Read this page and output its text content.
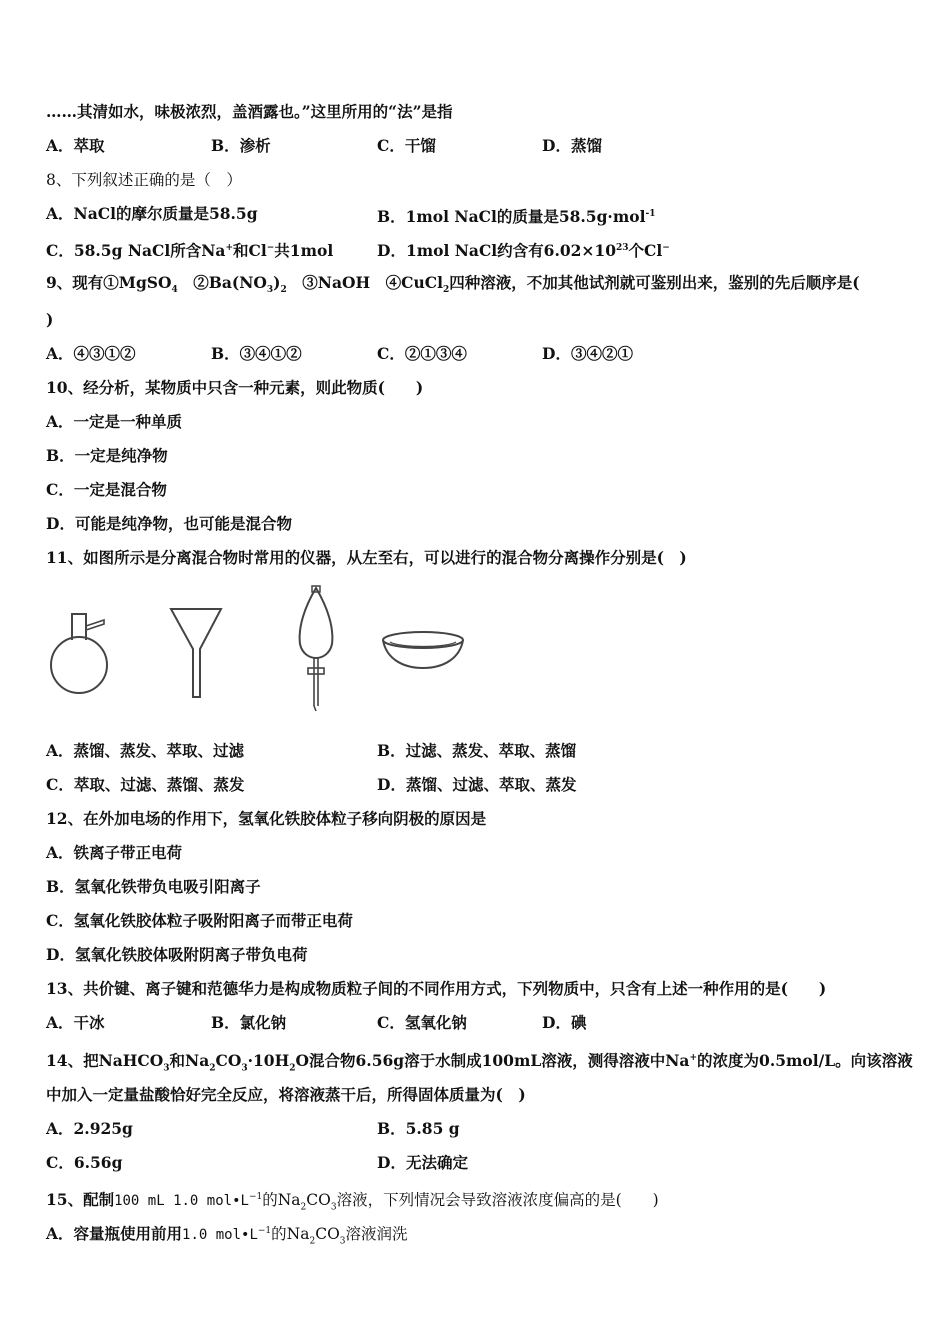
……其清如水，味极浓烈，盖酒露也。”这里所用的“法”是指
A．萃取	B．渗析	C．干馏	D．蒸馏
8、下列叙述正确的是（　）
A．NaCl的摩尔质量是58.5g	B．1mol NaCl的质量是58.5g·mol$^{-1}$
C．58.5g NaCl所含Na+和Cl−共1mol	D．1mol NaCl约含有$6.02\times 10^{23}$个Cl−
9、现有①MgSO$_4$　$②Ba(NO_3)_2$　③NaOH　④CuCl$_2$四种溶液，不加其他试剂就可鉴别出来，鉴别的先后顺序是(
)
A．④③①②	B．③④①②	C．②①③④	D．③④②①
10、经分析，某物质中只含一种元素，则此物质(　　)
A．一定是一种单质
B．一定是纯净物
C．一定是混合物
D．可能是纯净物，也可能是混合物
11、如图所示是分离混合物时常用的仪器，从左至右，可以进行的混合物分离操作分别是(　)
A．蒸馏、蒸发、萃取、过滤	B．过滤、蒸发、萃取、蒸馏
C．萃取、过滤、蒸馏、蒸发	D．蒸馏、过滤、萃取、蒸发
12、在外加电场的作用下，氢氧化铁胶体粒子移向阴极的原因是
A．铁离子带正电荷
B．氢氧化铁带负电吸引阳离子
C．氢氧化铁胶体粒子吸附阳离子而带正电荷
D．氢氧化铁胶体吸附阴离子带负电荷
13、共价键、离子键和范德华力是构成物质粒子间的不同作用方式，下列物质中，只含有上述一种作用的是(　　)
A．干冰	B．氯化钠	C．氢氧化钠	D．碘
14、把NaHCO$_3$和$Na_2CO_3\cdot 10H_2O$混合物6.56g溶于水制成100mL溶液，测得溶液中Na+的浓度为0.5mol/L。向该溶液
中加入一定量盐酸恰好完全反应，将溶液蒸干后，所得固体质量为(　)
A．2.925g	B．5.85 g
C．6.56g	D．无法确定
15、配制100 mL 1.0 $mol•L^{-1}$的$Na_2CO_3$溶液，下列情况会导致溶液浓度偏高的是(　　)
A．容量瓶使用前用1.0 $mol•L^{-1}$的$Na_2CO_3$溶液润洗
